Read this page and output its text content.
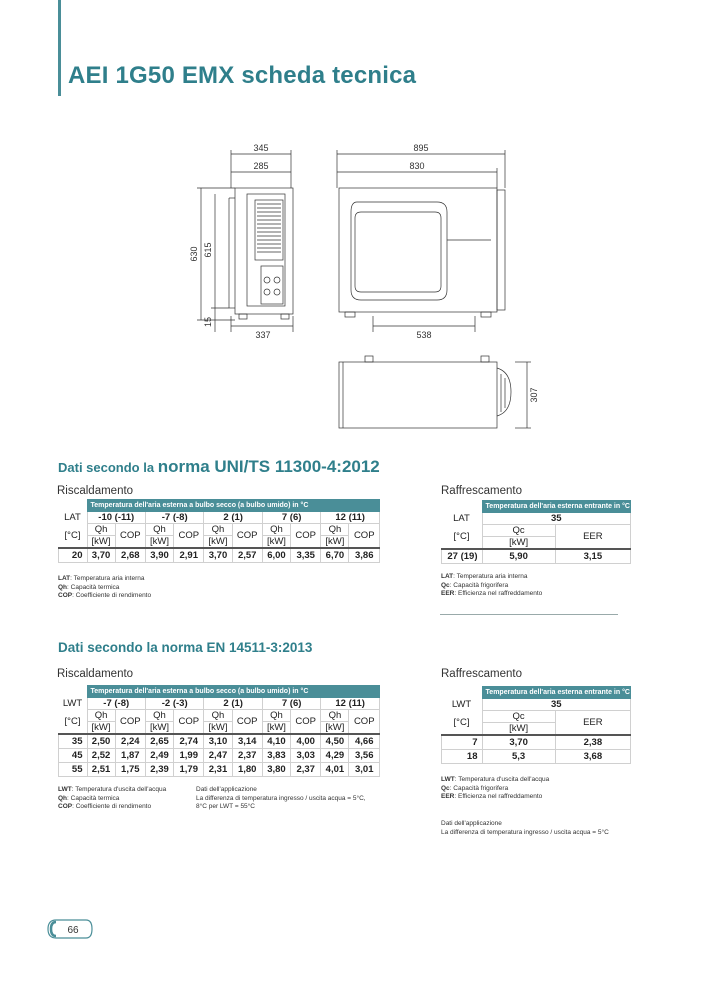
AEI 1G50 EMX scheda tecnica
345
285
895
830
630 615
15
337	538
307
Dati secondo la norma UNI/TS 11300-4:2012
Riscaldamento	Raffrescamento
	Temperatura dell'aria esterna a bulbo secco (a bulbo umido) in °C									
LAT	-10 (-11)		-7 (-8)		2 (1)		7 (6)		12 (11)	
[°C]	Qh	COP	Qh	COP	Qh	COP	Qh	COP	Qh	COP
	[kW]		[kW]		[kW]		[kW]		[kW]	
20	3,70	2,68	3,90	2,91	3,70	2,57	6,00	3,35	6,70	3,86
LAT: Temperatura aria interna
Qh: Capacità termica
COP: Coefficiente di rendimento
	Temperatura dell'aria esterna entrante in °C	
LAT	35	
[°C]	Qc	EER
	[kW]	
27 (19)	5,90	3,15
LAT: Temperatura aria interna
Qc: Capacità frigorifera
EER: Efficienza nel raffreddamento
Dati secondo la norma EN 14511-3:2013
Riscaldamento	Raffrescamento
	Temperatura dell'aria esterna a bulbo secco (a bulbo umido) in °C									
LWT	-7 (-8)		-2 (-3)		2 (1)		7 (6)		12 (11)	
[°C]	Qh	COP	Qh	COP	Qh	COP	Qh	COP	Qh	COP
	[kW]		[kW]		[kW]		[kW]		[kW]	
35	2,50	2,24	2,65	2,74	3,10	3,14	4,10	4,00	4,50	4,66
45	2,52	1,87	2,49	1,99	2,47	2,37	3,83	3,03	4,29	3,56
55	2,51	1,75	2,39	1,79	2,31	1,80	3,80	2,37	4,01	3,01
LWT: Temperatura d'uscita dell'acqua
Qh: Capacità termica
COP: Coefficiente di rendimento
Dati dell'applicazione
La differenza di temperatura ingresso / uscita acqua = 5°C,
8°C per LWT = 55°C
	Temperatura dell'aria esterna entrante in °C	
LWT	35	
[°C]	Qc	EER
	[kW]	
7	3,70	2,38
18	5,3	3,68
LWT: Temperatura d'uscita dell'acqua
Qc: Capacità frigorifera
EER: Efficienza nel raffreddamento
Dati dell'applicazione
La differenza di temperatura ingresso / uscita acqua = 5°C
66
